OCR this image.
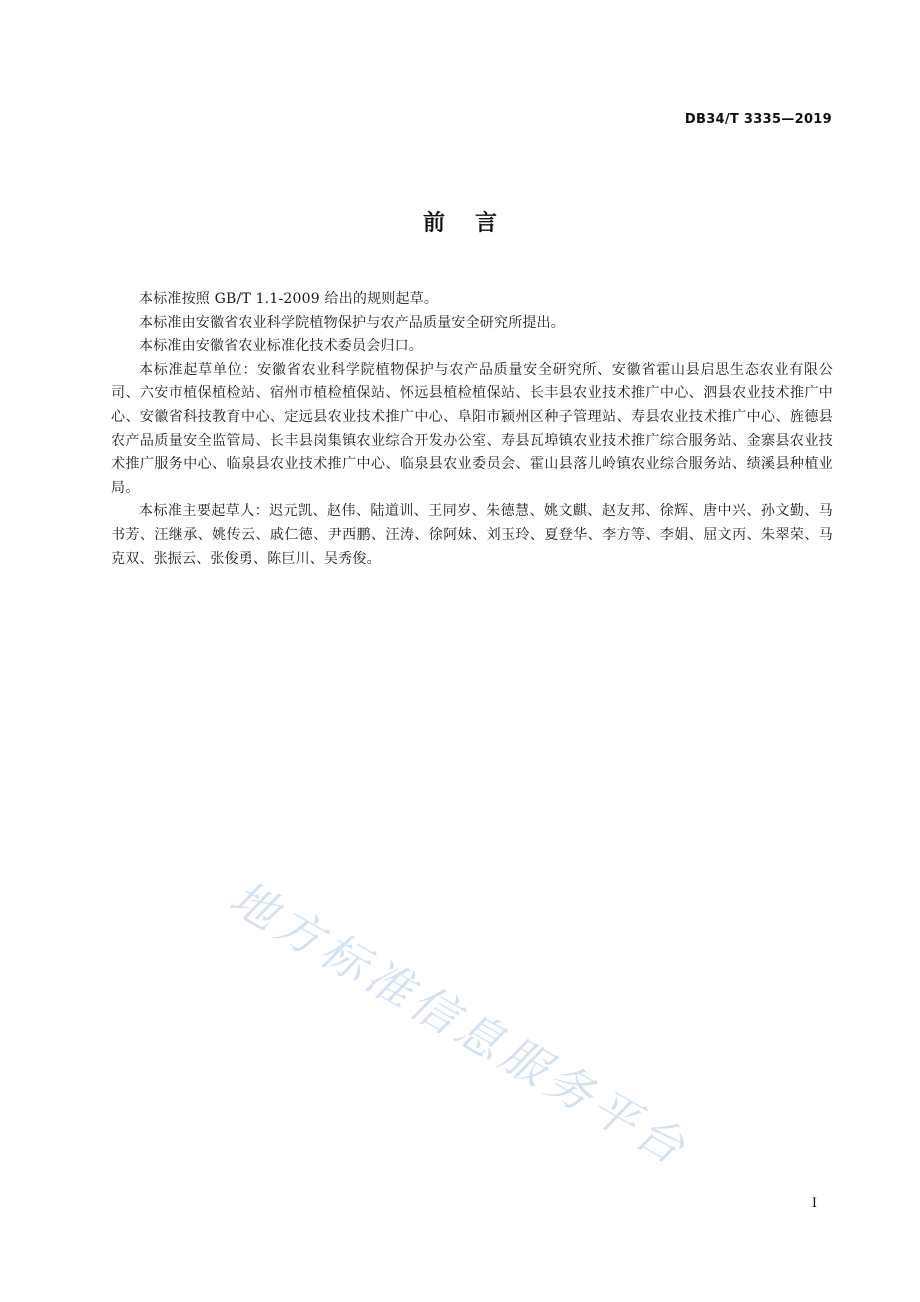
DB34/T 3335—2019
前 言

本标准按照 GB/T 1.1-2009 给出的规则起草。

本标准由安徽省农业科学院植物保护与农产品质量安全研究所提出。

本标准由安徽省农业标准化技术委员会归口。

本标准起草单位：安徽省农业科学院植物保护与农产品质量安全研究所、安徽省霍山县启思生态农业有限公司、六安市植保植检站、宿州市植检植保站、怀远县植检植保站、长丰县农业技术推广中心、泗县农业技术推广中心、安徽省科技教育中心、定远县农业技术推广中心、阜阳市颍州区种子管理站、寿县农业技术推广中心、旌德县农产品质量安全监管局、长丰县岗集镇农业综合开发办公室、寿县瓦埠镇农业技术推广综合服务站、金寨县农业技术推广服务中心、临泉县农业技术推广中心、临泉县农业委员会、霍山县落儿岭镇农业综合服务站、绩溪县种植业局。

本标准主要起草人：迟元凯、赵伟、陆道训、王同岁、朱德慧、姚文麒、赵友邦、徐辉、唐中兴、孙文勤、马书芳、汪继承、姚传云、戚仁德、尹西鹏、汪涛、徐阿妹、刘玉玲、夏登华、李方等、李娟、屈文丙、朱翠荣、马克双、张振云、张俊勇、陈巨川、吴秀俊。

地方标准信息服务平台
I
